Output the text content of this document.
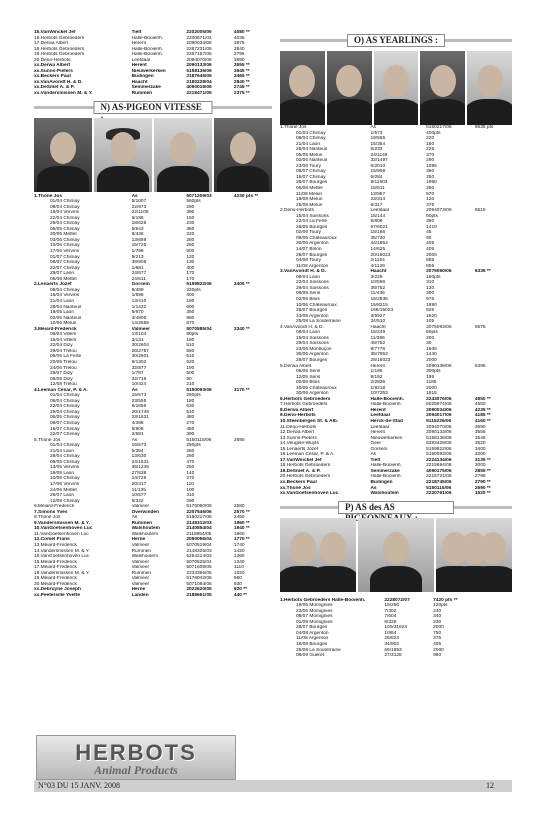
15.VanWinckel Jef	Tielt	2202005/05	4080 **
16.Herbots Gebroeders	Halle-Booienh.	2200671/04	4035
17.Derwa Albert	Herent	2090034/06	3975
18.Herbots Gebroeders	Halle-Booienh.	2267231/05	3840
19.Herbots Gebroeders	Halle-Booienh.	2267167/05	3795
20.Deno-Herbots	Leefdaal	2094070/06	3690
xx.Derwa Albert	Herent	2090133/06	3555 **
xx.Sunns-Pieters	Nieuwerkerken	5158136/06	3545 **
xx.Beckers Paul	Budingen	2187646/05	3465 **
xx.VanAvondt H. & D.	Haacht	2180228/04	2840 **
xx.DeSmet A. & P.	Semmerzake	4090016/06	2745 **
xx.Vandersmissen M. & Y.	Rummen	2218471/05	2375 **
N) AS-PIGEON VITESSE
1.Thoné Jos	As	5071209/03	4230 pts **
01/04 Chimay	5/1007	560pts	
08/04 Chimay	22/973	290	
15/04 Vervins	22/1105	390	
22/04 Chimay	6/186	150	
29/04 Chimay	18/625	230	
06/05 Chimay	5/643	360	
20/05 Mettet	8/436	220	
03/06 Chimay	13/689	280	
10/06 Chimay	15/725	260	
17/06 Vervins	1/798	500	
01/07 Chimay	9/213	120	
08/07 Chimay	38/908	130	
22/07 Chimay	1/681	400	
29/07 Laon	24/577	170	
05/08 Mettet	24/511	170	
2.Lenaerts Jozef	Gorsem	5159822/06	3400 **
08/04 Chimay	9/489	220pts	
15/04 Vervins	1/698	400	
21/04 Laon	13/410	180	
28/04 Nanteuil	1/1432	600	
19/05 Laon	6/670	350	
02/06 Nanteuil	3/4806	980	
10/06 Melun	14/2658	670	
3.Méiard-Frederick	Valmeer	5070585/04	3340 **
08/04 Villers	13/104	80pts	
15/04 Villers	3/131	180	
22/04 Dizy	30/2604	510	
29/04 Trelou	26/2787	550	
06/05 La Ferté	30/2601	510	
20/05 Trelou	9/1302	520	
24/06 Trelou	32/877	190	
28/07 Dizy	1/787	500	
05/08 Dizy	32/719	90	
12/08 Trelou	10/424	210	
4.Leeman César, P. & A.	As	5150093/06	3170 **
01/04 Chimay	15/573	260pts	
08/04 Chimay	23/555	180	
22/04 Chimay	8/1656	630	
29/04 Chimay	20/1749	510	
06/05 Chimay	23/1631	480	
08/07 Chimay	4/398	270	
15/07 Chimay	6/908	450	
22/07 Chimay	2/681	390	
5.Thoné Jos	As	5150115/06	2690
01/04 Chimay	16/573	250pts	
21/04 Laon	5/354	260	
29/04 Chimay	13/630	280	
06/05 Chimay	24/1631	470	
13/05 Vervins	36/1245	250	
19/05 Laon	27/538	140	
10/06 Chimay	14/725	270	
17/06 Vervins	20/317	110	
24/06 Mettet	11/135	100	
29/07 Laon	10/577	310	
12/08 Chimay	6/322	290	
6.Méiard-Frederick	Valmeer	5176060/06	2580
7.Simons Yves	Overwinden	2207546/06	2570 **
8.Thoné Jos	As	5150217/06	2450
9.Vandersmissen M. & Y.	Rummen	2148312/03	1960 **
10.VanGoetsenhoven Luc	Walshoutem	2140854/04	1940 **
11.VanGoetsenhoven Luc	Walshoutem	2118954/05	1860
12.Comel Frans	Herne	2050056/04	1770 **
13.Méiard-Frederick	Valmeer	5070519/04	1740
14.Vandersmissen M. & Y.	Rummen	2148325/03	1420
15.VanGoetsenhoven Luc	Walshoutem	5254214/02	1360
16.Méiard-Frederick	Valmeer	5070525/04	1340
17.Méiard-Frederick	Valmeer	5071608/05	1110
18.Vandersmissen M. & Y.	Rummen	2233365/06	1020
19.Méiard-Frederick	Valmeer	5176042/06	960
20.Méiard-Frederick	Valmeer	5071084/05	930
xx.Debruyne Joseph	Herne	2022620/05	920 **
xx.Peetersille Yvette	Landen	2188661/05	440 **
O) AS YEARLINGS :
1.Thoné Jos	As	5150217/06	6635 pts
01/04 Chimay	1/573	400pts	
08/04 Chimay	19/555	220	
21/04 Laon	15/354	160	
28/04 Nanteuil	6/233	225	
05/05 Melun	24/1149	370	
02/06 Nanteuil	32/1497	290	
23/06 Toury	6/2010	1095	
08/07 Chimay	15/908	360	
15/07 Chimay	6/284	250	
28/07 Bourges	9/11603	1950	
05/08 Mettet	16/511	250	
11/08 Melun	13/967	570	
18/08 Melun	23/314	120	
25/08 Melun	6/317	375	
2.Deno-Herbots	Leefdaal	2094073/06	6515
15/04 Soissons	15/144	60pts	
22/04 La Ferté	5/608	360	
26/05 Bourges	57/6021	1410	
02/06 Toury	18/166	45	
09/06 Châteauroux	35/730	90	
30/06 Argenton	44/1854	405	
14/07 Brilon	14/625	405	
28/07 Bourges	20/16023	2000	
04/08 Toury	2/1154	885	
11/08 Argenton	4/1129	855	
3.VanAvondt H. & D.	Haacht	2075050/06	6335 **
08/04 Laon	3/229	180pts	
22/04 Soissons	10/596	310	
29/04 Soissons	38/752	130	
06/05 Sens	11/436	300	
02/06 Blois	16/2836	975	
10/06 Châteauroux	15/8215	1890	
28/07 Bourges	166/16023	825	
13/08 Argenton	3/5927	1620	
25/08 La Souterraine	34/510	105	
4.VanAvondt H. & D.	Haacht	2075093/06	5575
08/04 Laon	15/249	60pts	
15/04 Soissons	11/386	200	
29/04 Soissons	48/752	30	
23/06 Montluçon	8/7776	1845	
30/06 Argenton	35/7853	1440	
28/07 Bourges	28/16023	2000	
5.Derwa Albert	Herent	2090138/06	5495
06/05 Sens	1/195	300pts	
12/05 Sens	8/192	195	
02/06 Blois	2/2836	1185	
10/06 Châteauroux	1/8218	2000	
30/06 Argenton	10/7353	1815	
6.Herbots Gebroeders	Halle-Booienh.	2243076/06	4950 **
7.Herbots Gebroeders	Halle-Booienh.	5025874/06	4550
8.Derwa Albert	Herent	2090034/06	4235 **
9.Deno-Herbots	Leefdaal	2094017/06	4185 **
10.Steenbergen St. & Alb.	Herck-de-Stad	5115226/06	4160 **
11.Deno-Herbots	Leefdaal	2094070/06	3690
12.Derwa Albert	Herent	2090133/06	3555
13.Sunns-Pieters	Nieuwerkerken	5158136/06	3545
14.Veugelé-Wuyts	Geel	6383429/06	3520
15.Lenaerts Jozef	Gorsem	5159822/06	3400
16.Leeman César, P. & A.	As	5150093/06	3200
17.VanWinckel Jef	Tielt	2224134/06	3135 **
18.Herbots Gebroeders	Halle-Booienh.	2215694/06	3000
19.DeSmet A. & P.	Semmerzake	4090175/06	2855 **
20.Herbots Gebroeders	Halle-Booienh.	2215721/06	2795
xx.Beckers Paul	Budingen	2218745/06	2790 **
xx.Thoné Jos	As	5150115/06	2690 **
xx.VanGoetsenhoven Luc	Walshoutem	2220761/06	1520 **
P) AS des AS
1.Herbots Gebroeders Halle-Booienh.	2228072/07	7420 pts **	
19/05 Momignies	19/256	120pts	
23/06 Momignies	7/302	240	
08/07 Momignies	7/604	340	
01/09 Momignies	8/328	230	
28/07 Bourges	100/31824	2000	
04/08 Argenton	1/884	750	
11/08 Argenton	26/823	375	
18/08 Bourges	34/902	405	
25/08 La Souterraine	66/1893	2000	
08/09 Guéret	27/3128	960	
HERBOTS
Animal Products
N°03 DU 15 JANV. 2008	12
